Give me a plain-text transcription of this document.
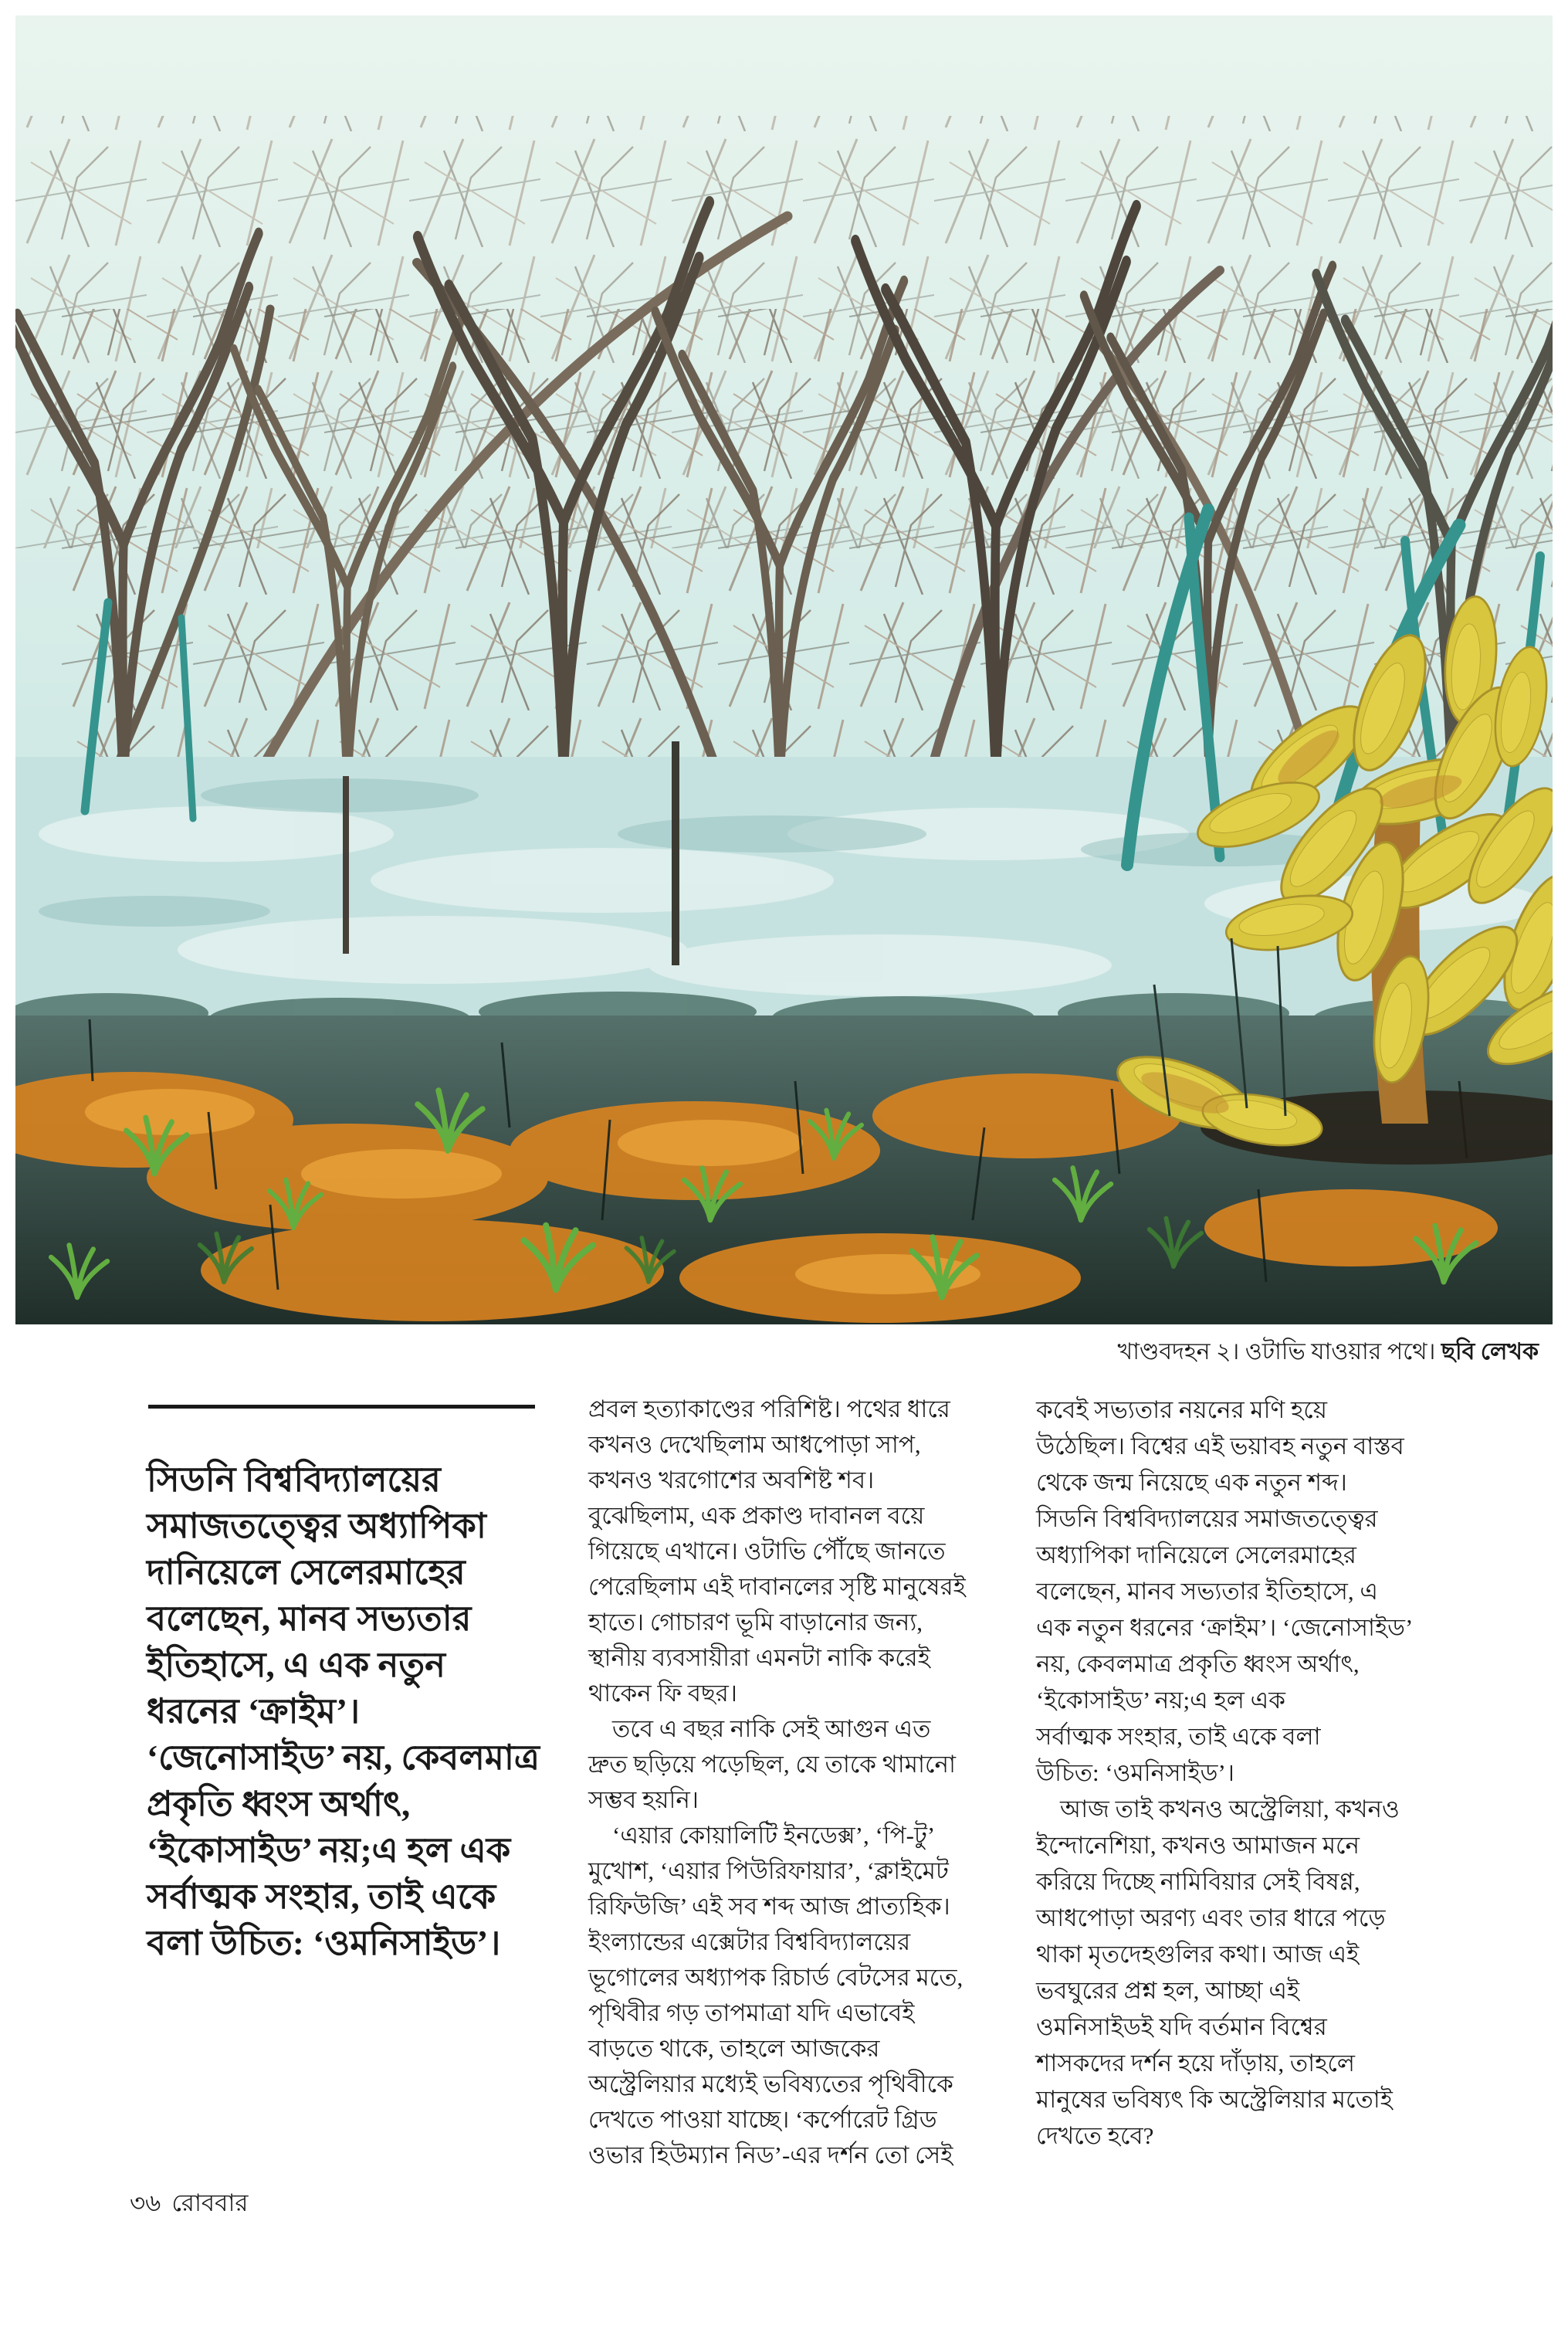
খাণ্ডবদহন ২। ওটাভি যাওয়ার পথে। ছবি লেখক
সিডনি বিশ্ববিদ্যালয়ের
সমাজতত্ত্বের অধ্যাপিকা
দানিয়েলে সেলেরমাহের
বলেছেন, মানব সভ্যতার
ইতিহাসে, এ এক নতুন
ধরনের ‘ক্রাইম’।
‘জেনোসাইড’ নয়, কেবলমাত্র
প্রকৃতি ধ্বংস অর্থাৎ,
‘ইকোসাইড’ নয়;এ হল এক
সর্বাত্মক সংহার, তাই একে
বলা উচিত: ‘ওমনিসাইড’।
প্রবল হত্যাকাণ্ডের পরিশিষ্ট। পথের ধারে
কখনও দেখেছিলাম আধপোড়া সাপ,
কখনও খরগোশের অবশিষ্ট শব।
বুঝেছিলাম, এক প্রকাণ্ড দাবানল বয়ে
গিয়েছে এখানে। ওটাভি পৌঁছে জানতে
পেরেছিলাম এই দাবানলের সৃষ্টি মানুষেরই
হাতে। গোচারণ ভূমি বাড়ানোর জন্য,
স্থানীয় ব্যবসায়ীরা এমনটা নাকি করেই
থাকেন ফি বছর।
 তবে এ বছর নাকি সেই আগুন এত
দ্রুত ছড়িয়ে পড়েছিল, যে তাকে থামানো
সম্ভব হয়নি।
 ‘এয়ার কোয়ালিটি ইনডেক্স’, ‘পি-টু’
মুখোশ, ‘এয়ার পিউরিফায়ার’, ‘ক্লাইমেট
রিফিউজি’ এই সব শব্দ আজ প্রাত্যহিক।
ইংল্যান্ডের এক্সেটার বিশ্ববিদ্যালয়ের
ভূগোলের অধ্যাপক রিচার্ড বেটসের মতে,
পৃথিবীর গড় তাপমাত্রা যদি এভাবেই
বাড়তে থাকে, তাহলে আজকের
অস্ট্রেলিয়ার মধ্যেই ভবিষ্যতের পৃথিবীকে
দেখতে পাওয়া যাচ্ছে। ‘কর্পোরেট গ্রিড
ওভার হিউম্যান নিড’-এর দর্শন তো সেই
কবেই সভ্যতার নয়নের মণি হয়ে
উঠেছিল। বিশ্বের এই ভয়াবহ নতুন বাস্তব
থেকে জন্ম নিয়েছে এক নতুন শব্দ।
সিডনি বিশ্ববিদ্যালয়ের সমাজতত্ত্বের
অধ্যাপিকা দানিয়েলে সেলেরমাহের
বলেছেন, মানব সভ্যতার ইতিহাসে, এ
এক নতুন ধরনের ‘ক্রাইম’। ‘জেনোসাইড’
নয়, কেবলমাত্র প্রকৃতি ধ্বংস অর্থাৎ,
‘ইকোসাইড’ নয়;এ হল এক
সর্বাত্মক সংহার, তাই একে বলা
উচিত: ‘ওমনিসাইড’।
 আজ তাই কখনও অস্ট্রেলিয়া, কখনও
ইন্দোনেশিয়া, কখনও আমাজন মনে
করিয়ে দিচ্ছে নামিবিয়ার সেই বিষণ্ণ,
আধপোড়া অরণ্য এবং তার ধারে পড়ে
থাকা মৃতদেহগুলির কথা। আজ এই
ভবঘুরের প্রশ্ন হল, আচ্ছা এই
ওমনিসাইডই যদি বর্তমান বিশ্বের
শাসকদের দর্শন হয়ে দাঁড়ায়, তাহলে
মানুষের ভবিষ্যৎ কি অস্ট্রেলিয়ার মতোই
দেখতে হবে?
৩৬ রোববার
